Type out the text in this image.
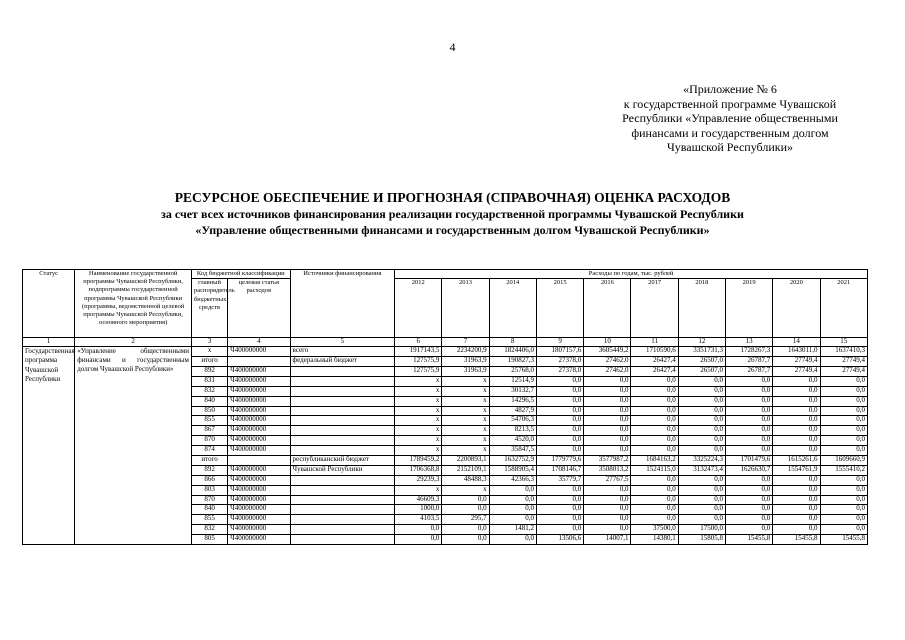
4
«Приложение № 6
к государственной программе Чувашской
Республики «Управление общественными
финансами и государственным долгом
Чувашской Республики»
РЕСУРСНОЕ ОБЕСПЕЧЕНИЕ И ПРОГНОЗНАЯ (СПРАВОЧНАЯ) ОЦЕНКА РАСХОДОВ
за счет всех источников финансирования реализации государственной программы Чувашской Республики
«Управление общественными финансами и государственным долгом Чувашской Республики»
Статус	Наименование государственной программы Чувашской Республики, подпрограммы государственной программы Чувашской Республики (программы, ведомственной целевой программы Чувашской Республики, основного мероприятия)	Код бюджетной классификации		Источники финансирования	Расходы по годам, тыс. рублей									
		главный распорядитель бюджетных средств	целевая статья расходов		2012	2013	2014	2015	2016	2017	2018	2019	2020	2021
1	2	3	4	5	6	7	8	9	10	11	12	13	14	15
Государственная программа Чувашской Республики	«Управление общественными финансами и государственным долгом Чувашской Республики»	х	Ч400000000	всего	1917143,5	2234200,9	1824406,0	1807157,6	3605449,2	1710590,6	3351731,3	1728267,3	1643011,0	1637410,3
		итого		федеральный бюджет	127575,9	31963,9	190827,3	27378,0	27462,0	26427,4	26507,0	26787,7	27749,4	27749,4
		892	Ч400000000		127575,9	31963,9	25768,0	27378,0	27462,0	26427,4	26507,0	26787,7	27749,4	27749,4
		831	Ч400000000		х	х	12514,9	0,0	0,0	0,0	0,0	0,0	0,0	0,0
		832	Ч400000000		х	х	30132,7	0,0	0,0	0,0	0,0	0,0	0,0	0,0
		840	Ч400000000		х	х	14296,5	0,0	0,0	0,0	0,0	0,0	0,0	0,0
		850	Ч400000000		х	х	4827,9	0,0	0,0	0,0	0,0	0,0	0,0	0,0
		855	Ч400000000		х	х	54706,3	0,0	0,0	0,0	0,0	0,0	0,0	0,0
		867	Ч400000000		х	х	8213,5	0,0	0,0	0,0	0,0	0,0	0,0	0,0
		870	Ч400000000		х	х	4520,0	0,0	0,0	0,0	0,0	0,0	0,0	0,0
		874	Ч400000000		х	х	35847,5	0,0	0,0	0,0	0,0	0,0	0,0	0,0
		итого		республиканский бюджет	1789459,2	2200893,1	1632752,9	1779779,6	3577987,2	1684163,2	3325224,3	1701479,6	1615261,6	1609660,9
		892	Ч400000000	Чувашской Республики	1706368,8	2152109,1	1588905,4	1708146,7	3508013,2	1524115,0	3132473,4	1626630,7	1554761,9	1555410,2
		866	Ч400000000		29239,3	48488,3	42366,3	35779,7	27767,5	0,0	0,0	0,0	0,0	0,0
		803	Ч400000000		х	х	0,0	0,0	0,0	0,0	0,0	0,0	0,0	0,0
		870	Ч400000000		46609,3	0,0	0,0	0,0	0,0	0,0	0,0	0,0	0,0	0,0
		840	Ч400000000		1000,0	0,0	0,0	0,0	0,0	0,0	0,0	0,0	0,0	0,0
		855	Ч400000000		4103,5	295,7	0,0	0,0	0,0	0,0	0,0	0,0	0,0	0,0
		832	Ч400000000		0,0	0,0	1481,2	0,0	0,0	37500,0	17500,0	0,0	0,0	0,0
		805	Ч400000000		0,0	0,0	0,0	13506,6	14007,1	14380,1	15805,8	15455,8	15455,8	15455,8
